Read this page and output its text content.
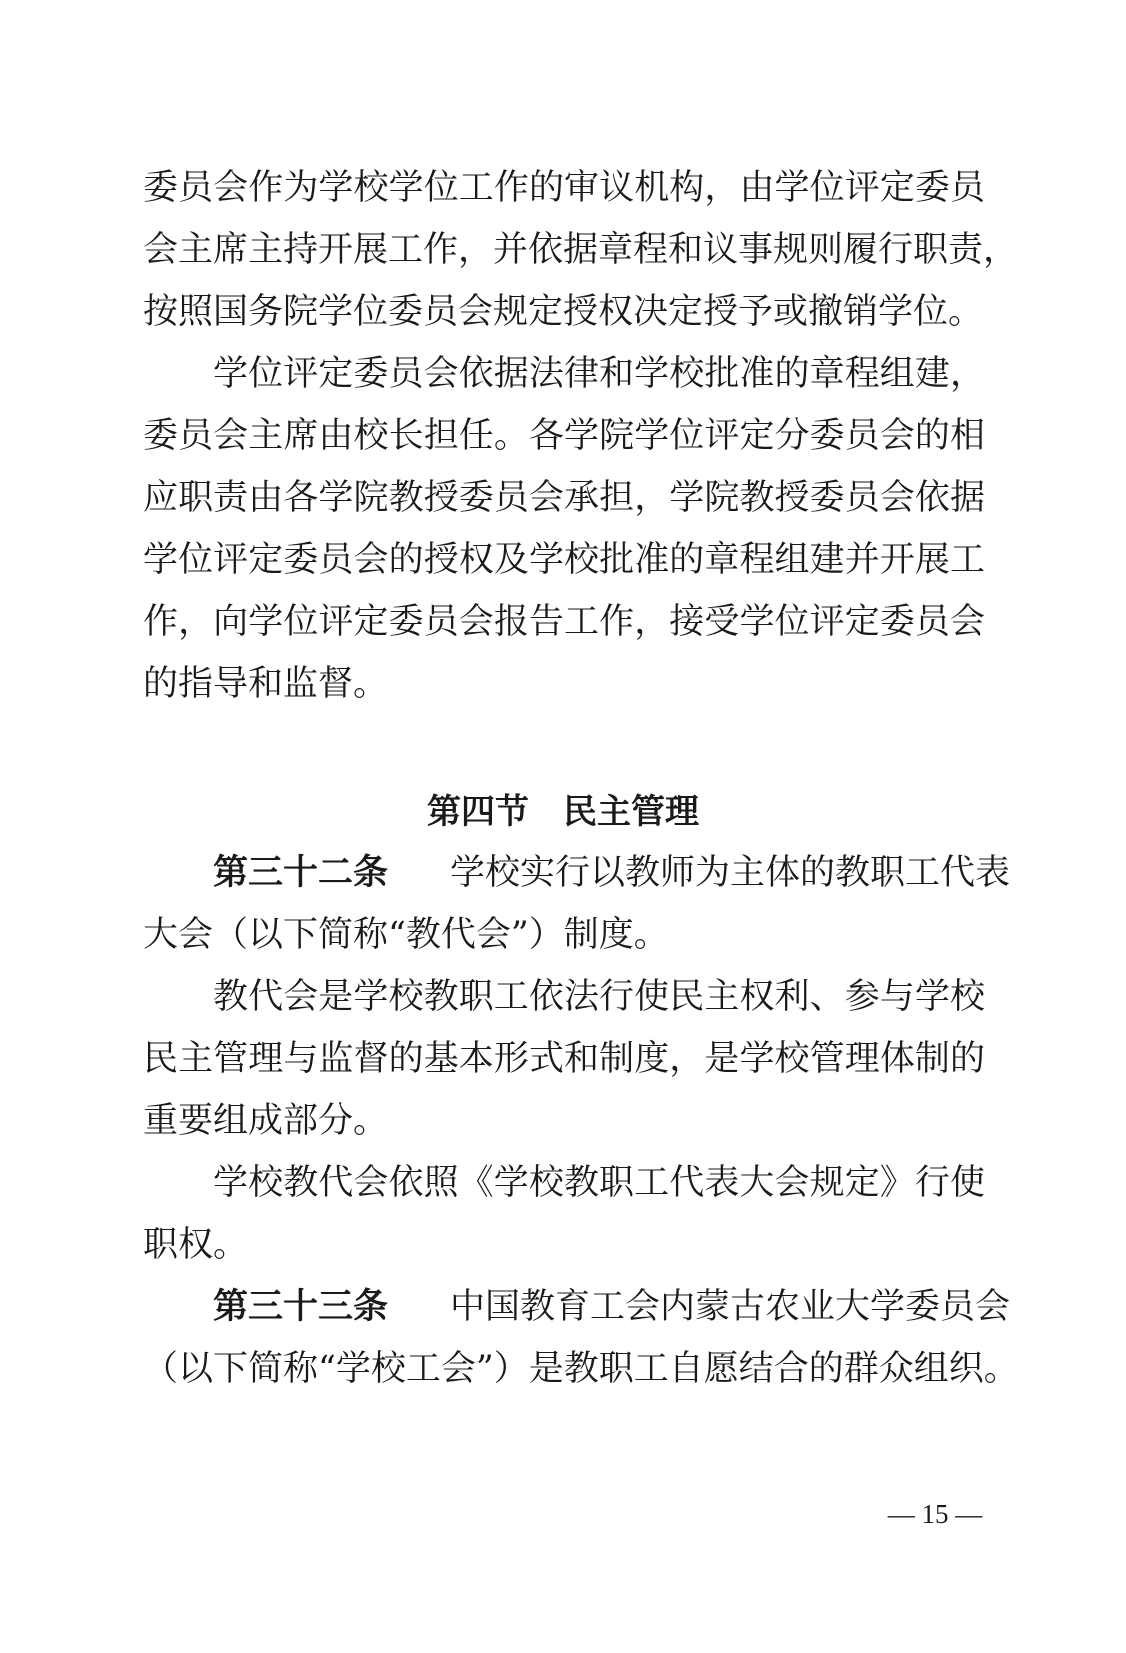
委员会作为学校学位工作的审议机构，由学位评定委员
会主席主持开展工作，并依据章程和议事规则履行职责，
按照国务院学位委员会规定授权决定授予或撤销学位。
学位评定委员会依据法律和学校批准的章程组建，
委员会主席由校长担任。各学院学位评定分委员会的相
应职责由各学院教授委员会承担，学院教授委员会依据
学位评定委员会的授权及学校批准的章程组建并开展工
作，向学位评定委员会报告工作，接受学位评定委员会
的指导和监督。
第四节　民主管理
第三十二条 学校实行以教师为主体的教职工代表
大会（以下简称“教代会”）制度。
教代会是学校教职工依法行使民主权利、参与学校
民主管理与监督的基本形式和制度，是学校管理体制的
重要组成部分。
学校教代会依照《学校教职工代表大会规定》行使
职权。
第三十三条 中国教育工会内蒙古农业大学委员会
（以下简称“学校工会”）是教职工自愿结合的群众组织。
— 15 —
